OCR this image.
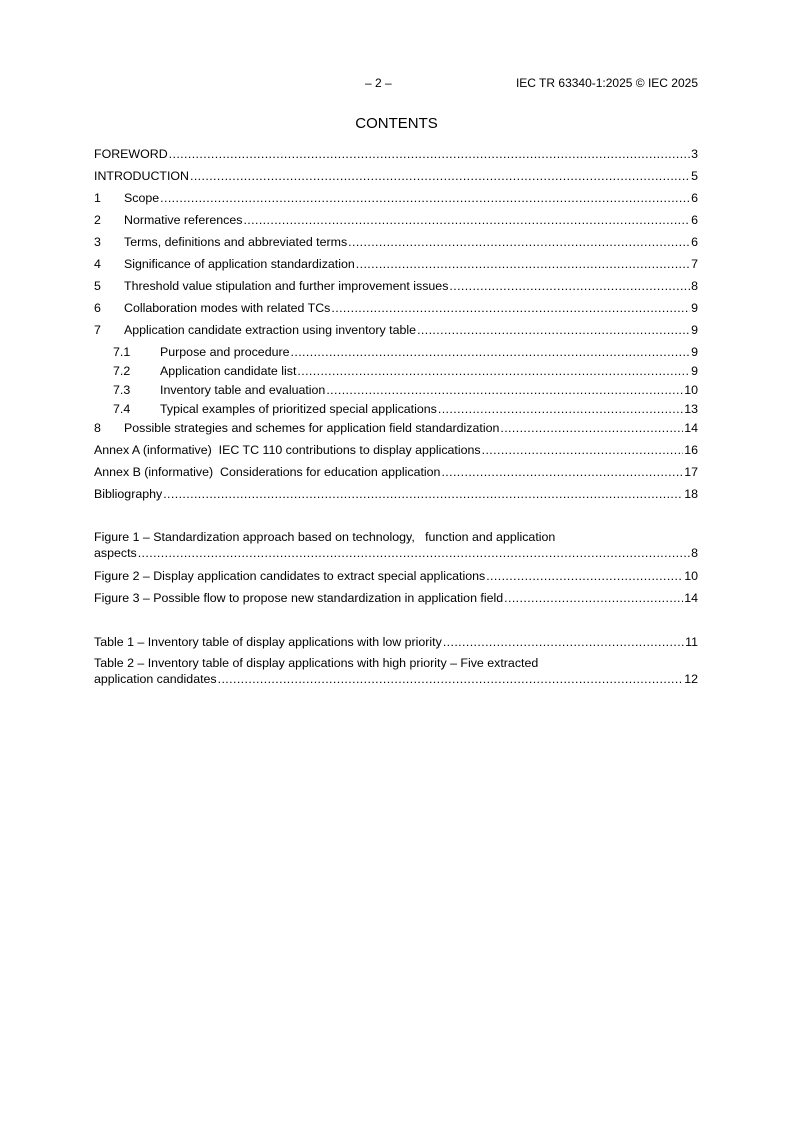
– 2 –	IEC TR 63340-1:2025 © IEC 2025
CONTENTS
FOREWORD .....	3
INTRODUCTION .....	5
1	Scope .....	6
2	Normative references .....	6
3	Terms, definitions and abbreviated terms .....	6
4	Significance of application standardization .....	7
5	Threshold value stipulation and further improvement issues .....	8
6	Collaboration modes with related TCs .....	9
7	Application candidate extraction using inventory table .....	9
7.1	Purpose and procedure .....	9
7.2	Application candidate list .....	9
7.3	Inventory table and evaluation .....	10
7.4	Typical examples of prioritized special applications .....	13
8	Possible strategies and schemes for application field standardization .....	14
Annex A (informative)  IEC TC 110 contributions to display applications .....	16
Annex B (informative)  Considerations for education application .....	17
Bibliography .....	18
Figure 1 – Standardization approach based on technology,   function and application
aspects .....	8
Figure 2 – Display application candidates to extract special applications .....	10
Figure 3 – Possible flow to propose new standardization in application field .....	14
Table 1 – Inventory table of display applications with low priority .....	11
Table 2 – Inventory table of display applications with high priority – Five extracted
application candidates .....	12
